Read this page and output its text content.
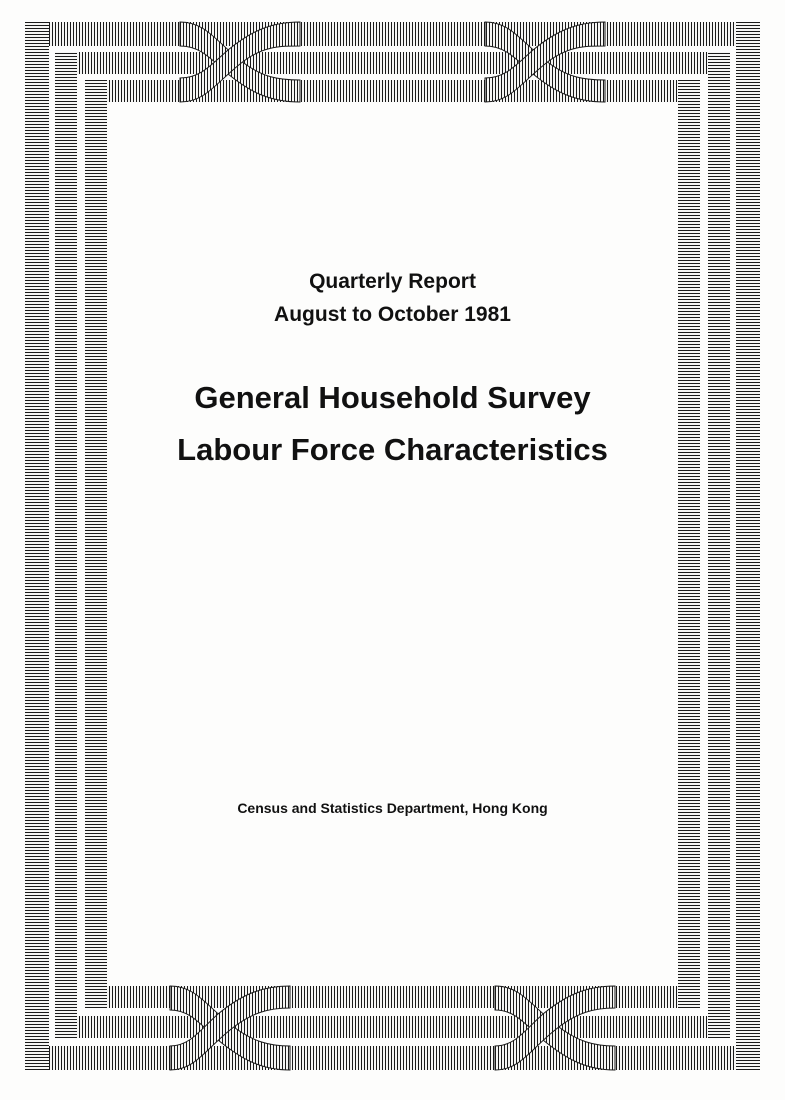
Quarterly Report
August to October 1981
General Household Survey
Labour Force Characteristics
Census and Statistics Department, Hong Kong
